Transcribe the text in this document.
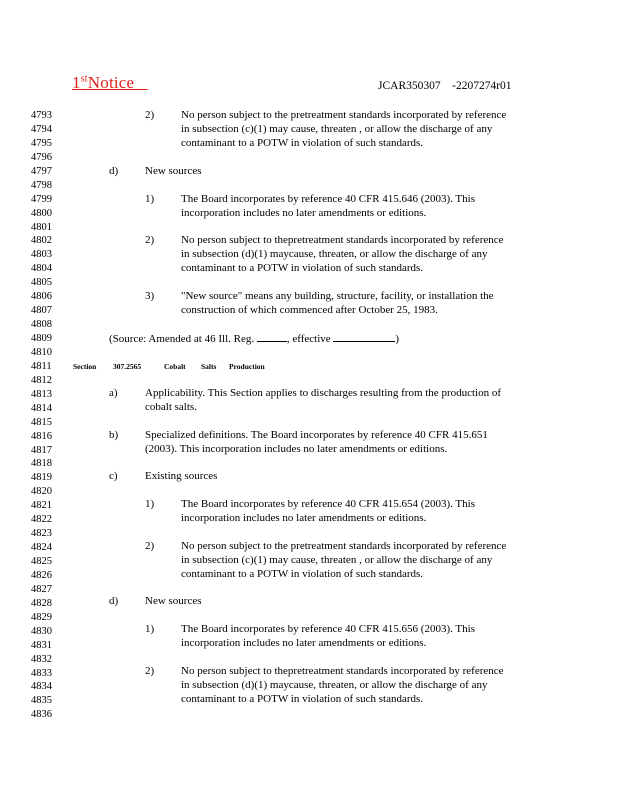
1stNotice	JCAR350307    -2207274r01
4793
4794
4795
4796
4797
4798
4799
4800
4801
4802
4803
4804
4805
4806
4807
4808
4809
4810
4811
4812
4813
4814
4815
4816
4817
4818
4819
4820
4821
4822
4823
4824
4825
4826
4827
4828
4829
4830
4831
4832
4833
4834
4835
4836
2) No person subject to the pretreatment standards incorporated by reference
in subsection (c)(1) may cause, threaten , or allow the discharge of any
contaminant to a POTW in violation of such standards.
d) New sources
1) The Board incorporates by reference 40 CFR 415.646 (2003). This
incorporation includes no later amendments or editions.
2) No person subject to thepretreatment standards incorporated by reference
in subsection (d)(1) maycause, threaten, or allow the discharge of any
contaminant to a POTW in violation of such standards.
3) "New source" means any building, structure, facility, or installation the
construction of which commenced after October 25, 1983.
(Source: Amended at 46 Ill. Reg.	, effective	)
Section 307.2565	Cobalt Salts Production
a) Applicability. This Section applies to discharges resulting from the production of
cobalt salts.
b) Specialized definitions. The Board incorporates by reference 40 CFR 415.651
(2003). This incorporation includes no later amendments or editions.
c) Existing sources
1) The Board incorporates by reference 40 CFR 415.654 (2003). This
incorporation includes no later amendments or editions.
2) No person subject to the pretreatment standards incorporated by reference
in subsection (c)(1) may cause, threaten , or allow the discharge of any
contaminant to a POTW in violation of such standards.
d) New sources
1) The Board incorporates by reference 40 CFR 415.656 (2003). This
incorporation includes no later amendments or editions.
2) No person subject to thepretreatment standards incorporated by reference
in subsection (d)(1) maycause, threaten, or allow the discharge of any
contaminant to a POTW in violation of such standards.
